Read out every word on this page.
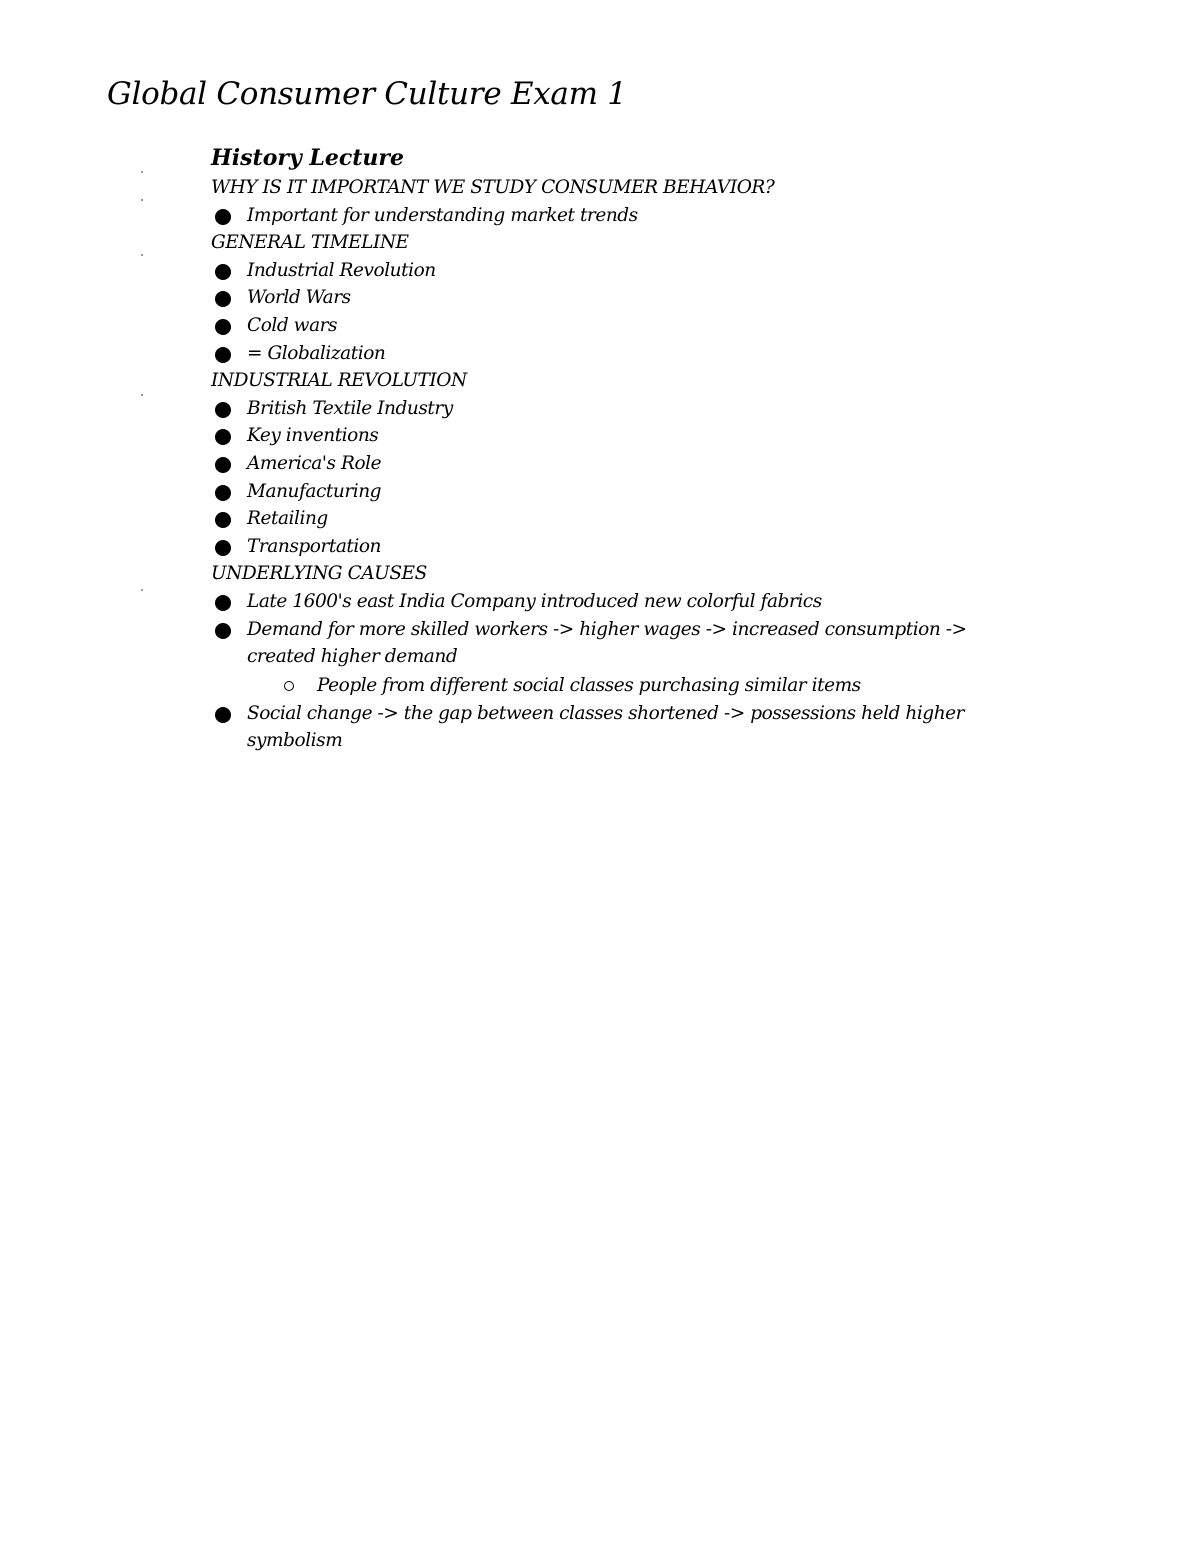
Global Consumer Culture Exam 1
History Lecture
WHY IS IT IMPORTANT WE STUDY CONSUMER BEHAVIOR?
Important for understanding market trends
GENERAL TIMELINE
Industrial Revolution
World Wars
Cold wars
= Globalization
INDUSTRIAL REVOLUTION
British Textile Industry
Key inventions
America's Role
Manufacturing
Retailing
Transportation
UNDERLYING CAUSES
Late 1600's east India Company introduced new colorful fabrics
Demand for more skilled workers -> higher wages -> increased consumption -> created higher demand
People from different social classes purchasing similar items
Social change -> the gap between classes shortened -> possessions held higher symbolism
